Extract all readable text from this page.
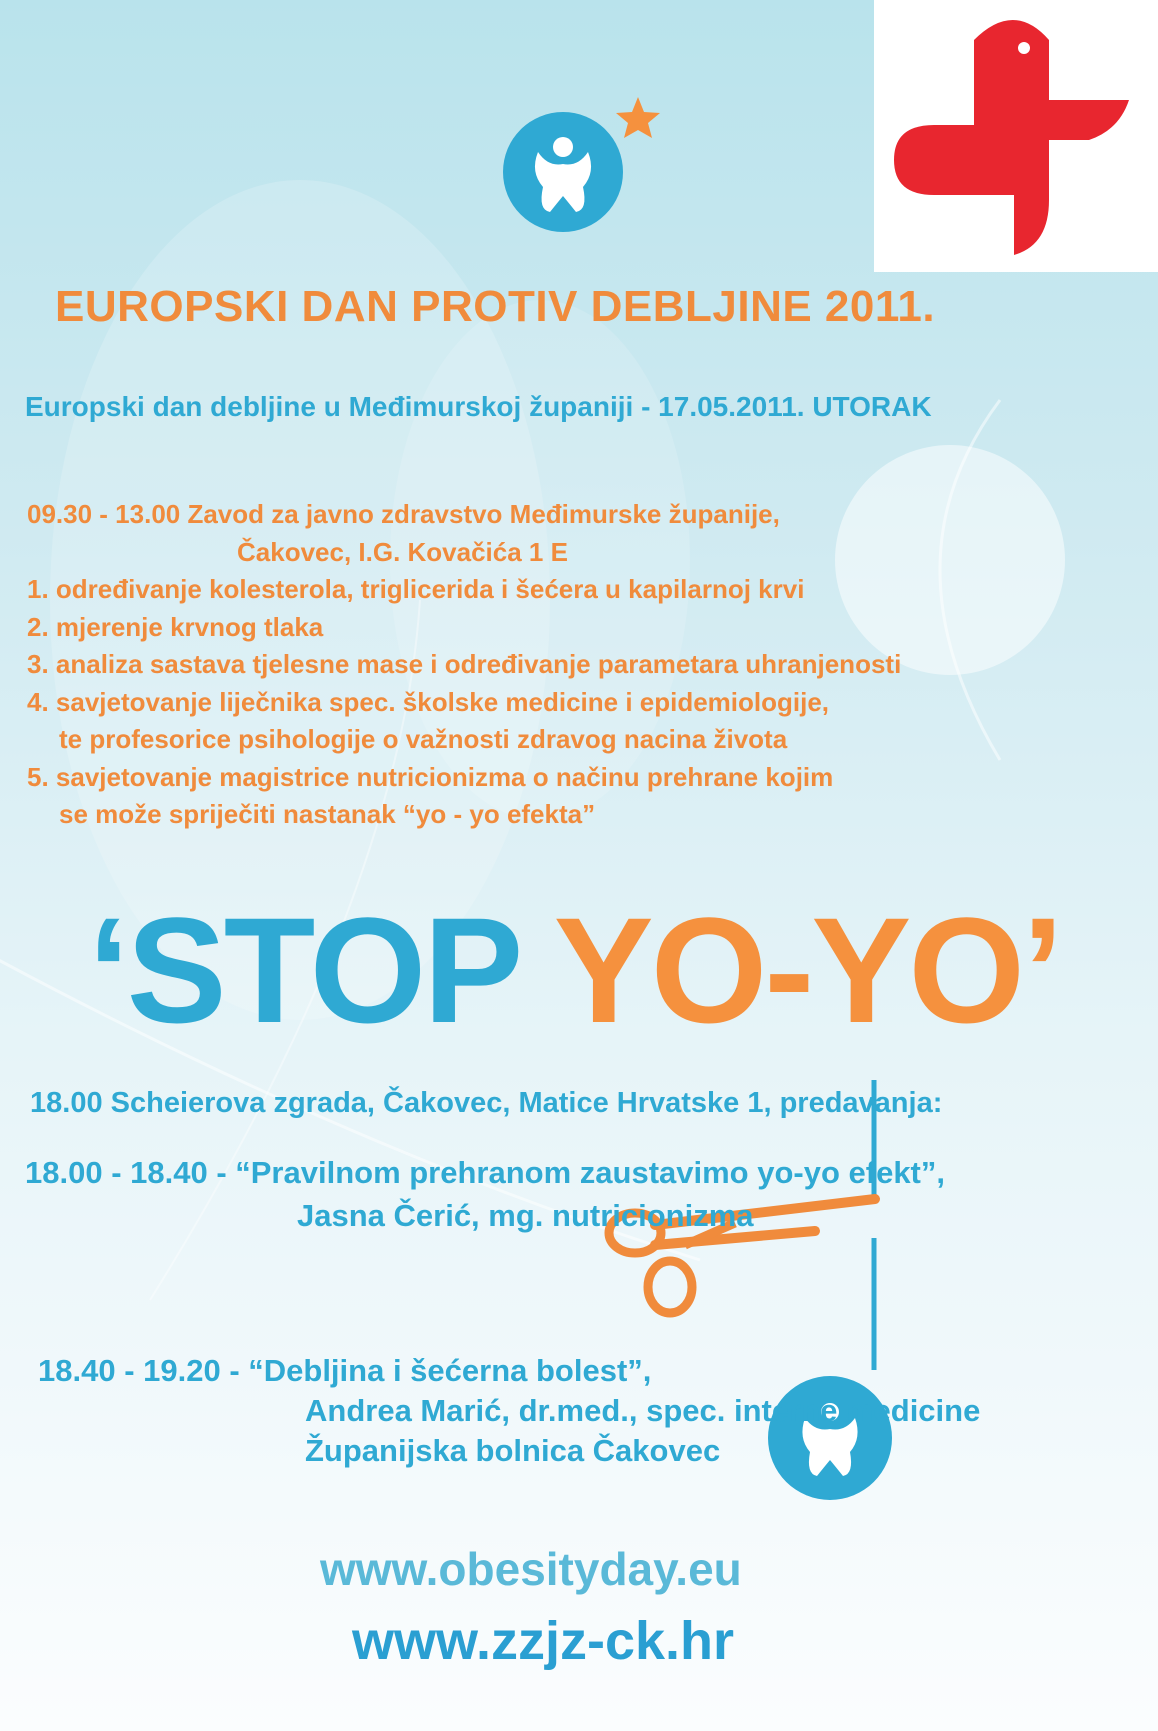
EUROPSKI DAN PROTIV DEBLJINE 2011.
Europski dan debljine u Međimurskoj županiji - 17.05.2011. UTORAK
09.30 - 13.00 Zavod za javno zdravstvo Međimurske županije,
Čakovec, I.G. Kovačića 1 E
1. određivanje kolesterola, triglicerida i šećera u kapilarnoj krvi
2. mjerenje krvnog tlaka
3. analiza sastava tjelesne mase i određivanje parametara uhranjenosti
4. savjetovanje liječnika spec. školske medicine i epidemiologije,
te profesorice psihologije o važnosti zdravog nacina života
5. savjetovanje magistrice nutricionizma o načinu prehrane kojim
se može spriječiti nastanak “yo - yo efekta”
‘STOP YO-YO’
18.00 Scheierova zgrada, Čakovec, Matice Hrvatske 1, predavanja:
18.00 - 18.40 - “Pravilnom prehranom zaustavimo yo-yo efekt”,
Jasna Čerić, mg. nutricionizma
18.40 - 19.20 - “Debljina i šećerna bolest”,
Andrea Marić, dr.med., spec. interne medicine
Županijska bolnica Čakovec
www.obesityday.eu
www.zzjz-ck.hr
